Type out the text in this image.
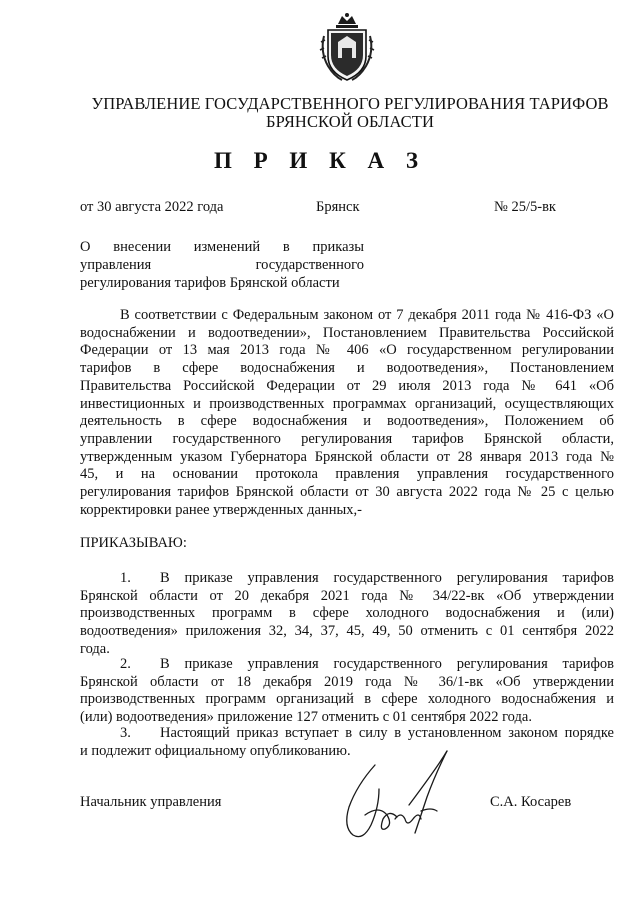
УПРАВЛЕНИЕ ГОСУДАРСТВЕННОГО РЕГУЛИРОВАНИЯ ТАРИФОВ
БРЯНСКОЙ ОБЛАСТИ
П Р И К А З
от 30 августа 2022 года	Брянск	№ 25/5-вк
О внесении изменений в приказы
управления государственного
регулирования тарифов Брянской области
В соответствии с Федеральным законом от 7 декабря 2011 года № 416-ФЗ «О
водоснабжении и водоотведении», Постановлением Правительства Российской
Федерации от 13 мая 2013 года № 406 «О государственном регулировании
тарифов в сфере водоснабжения и водоотведения», Постановлением
Правительства Российской Федерации от 29 июля 2013 года № 641 «Об
инвестиционных и производственных программах организаций, осуществляющих
деятельность в сфере водоснабжения и водоотведения», Положением об
управлении государственного регулирования тарифов Брянской области,
утвержденным указом Губернатора Брянской области от 28 января 2013 года №
45, и на основании протокола правления управления государственного
регулирования тарифов Брянской области от 30 августа 2022 года № 25 с целью
корректировки ранее утвержденных данных,-
ПРИКАЗЫВАЮ:
1. В приказе управления государственного регулирования тарифов
Брянской области от 20 декабря 2021 года № 34/22-вк «Об утверждении
производственных программ в сфере холодного водоснабжения и (или)
водоотведения» приложения 32, 34, 37, 45, 49, 50 отменить с 01 сентября 2022
года.
2. В приказе управления государственного регулирования тарифов
Брянской области от 18 декабря 2019 года № 36/1-вк «Об утверждении
производственных программ организаций в сфере холодного водоснабжения и
(или) водоотведения» приложение 127 отменить с 01 сентября 2022 года.
3. Настоящий приказ вступает в силу в установленном законом порядке
и подлежит официальному опубликованию.
Начальник управления	С.А. Косарев
